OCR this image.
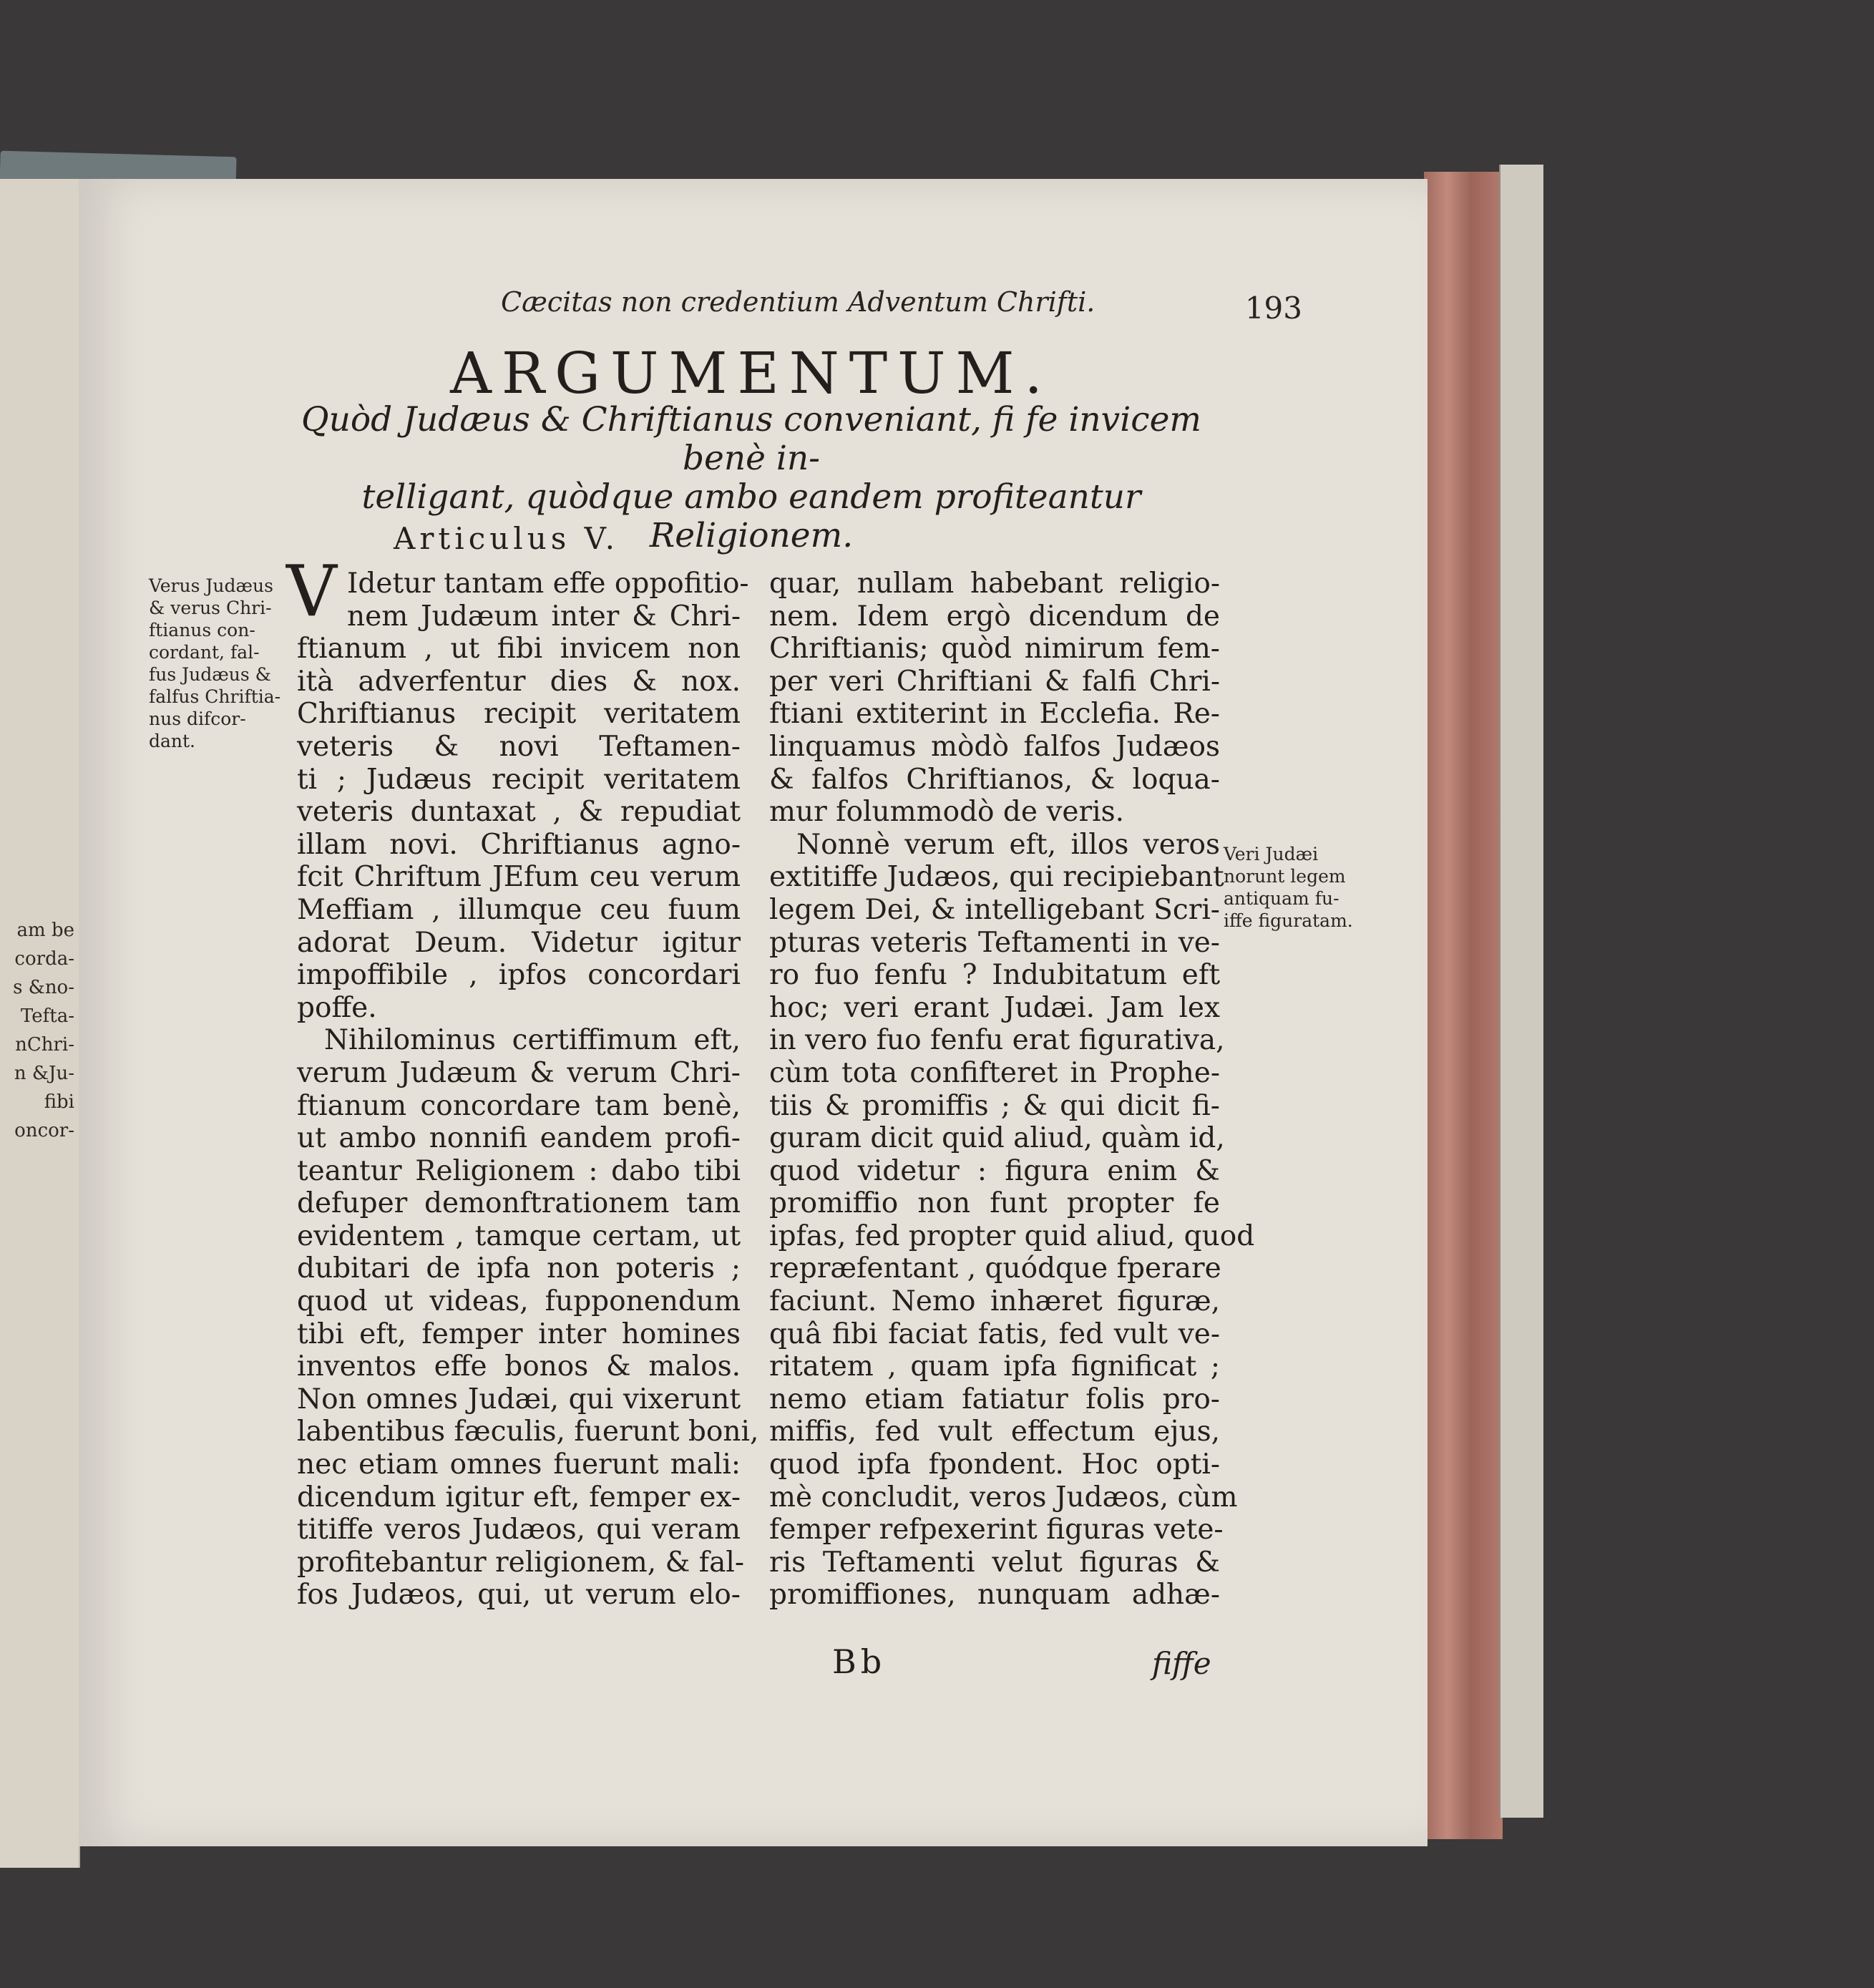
am be
corda-
s &no-
Tefta-
nChri-
n &Ju-
fibi
oncor-
Cæcitas non credentium Adventum Chrifti.	193
ARGUMENTUM.
Quòd Judæus & Chriftianus conveniant, fi fe invicem benè in-
telligant, quòdque ambo eandem profiteantur
Religionem.
Articulus V.
Verus Judæus
& verus Chri-
ftianus con-
cordant, fal-
fus Judæus &
falfus Chriftia-
nus difcor-
dant.
Veri Judæi
norunt legem
antiquam fu-
iffe figuratam.
V Idetur tantam effe oppofitio-
nem Judæum inter & Chri-
ftianum , ut fibi invicem non
ità adverfentur dies & nox.
Chriftianus recipit veritatem
veteris & novi Teftamen-
ti ; Judæus recipit veritatem
veteris duntaxat , & repudiat
illam novi. Chriftianus agno-
fcit Chriftum JEfum ceu verum
Meffiam , illumque ceu fuum
adorat Deum. Videtur igitur
impoffibile , ipfos concordari
poffe.
Nihilominus certiffimum eft,
verum Judæum & verum Chri-
ftianum concordare tam benè,
ut ambo nonnifi eandem profi-
teantur Religionem : dabo tibi
defuper demonftrationem tam
evidentem , tamque certam, ut
dubitari de ipfa non poteris ;
quod ut videas, fupponendum
tibi eft, femper inter homines
inventos effe bonos & malos.
Non omnes Judæi, qui vixerunt
labentibus fæculis, fuerunt boni,
nec etiam omnes fuerunt mali:
dicendum igitur eft, femper ex-
titiffe veros Judæos, qui veram
profitebantur religionem, & fal-
fos Judæos, qui, ut verum elo-
quar, nullam habebant religio-
nem. Idem ergò dicendum de
Chriftianis; quòd nimirum fem-
per veri Chriftiani & falfi Chri-
ftiani extiterint in Ecclefia. Re-
linquamus mòdò falfos Judæos
& falfos Chriftianos, & loqua-
mur folummodò de veris.
Nonnè verum eft, illos veros
extitiffe Judæos, qui recipiebant
legem Dei, & intelligebant Scri-
pturas veteris Teftamenti in ve-
ro fuo fenfu ? Indubitatum eft
hoc; veri erant Judæi. Jam lex
in vero fuo fenfu erat figurativa,
cùm tota confifteret in Prophe-
tiis & promiffis ; & qui dicit fi-
guram dicit quid aliud, quàm id,
quod videtur : figura enim &
promiffio non funt propter fe
ipfas, fed propter quid aliud, quod
repræfentant , quódque fperare
faciunt. Nemo inhæret figuræ,
quâ fibi faciat fatis, fed vult ve-
ritatem , quam ipfa fignificat ;
nemo etiam fatiatur folis pro-
miffis, fed vult effectum ejus,
quod ipfa fpondent. Hoc opti-
mè concludit, veros Judæos, cùm
femper refpexerint figuras vete-
ris Teftamenti velut figuras &
promiffiones, nunquam adhæ-
Bb	fiffe
